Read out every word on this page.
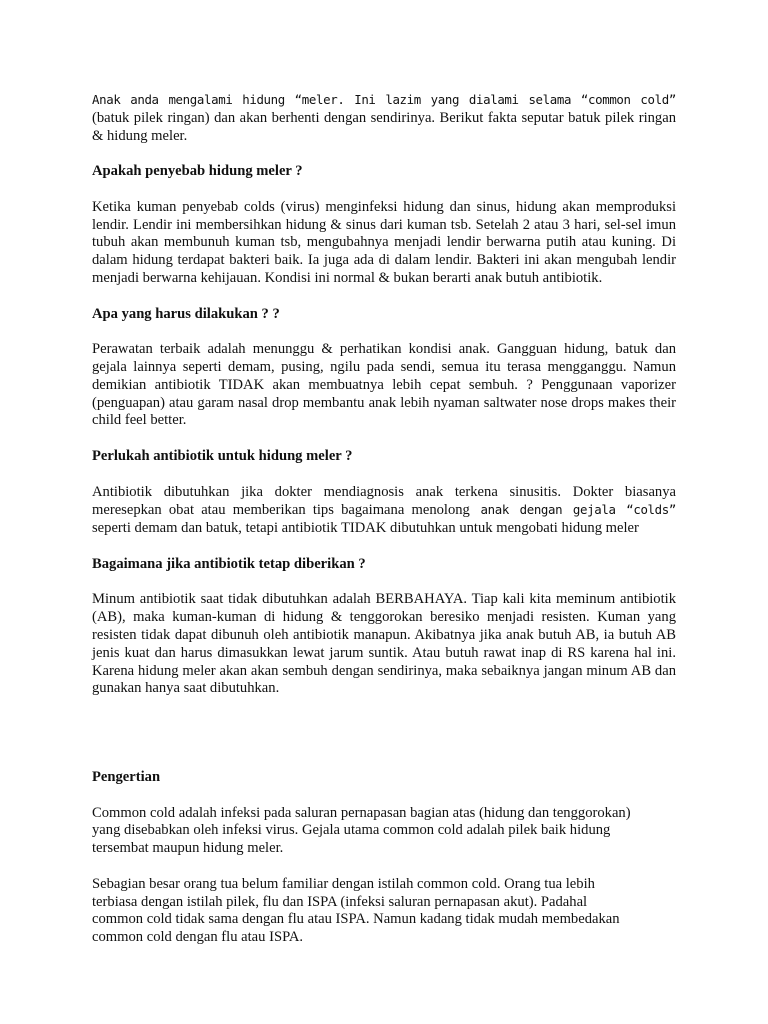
Anak anda mengalami hidung “meler. Ini lazim yang dialami selama “common cold” (batuk pilek ringan) dan akan berhenti dengan sendirinya. Berikut fakta seputar batuk pilek ringan & hidung meler.

Apakah penyebab hidung meler ?

Ketika kuman penyebab colds (virus) menginfeksi hidung dan sinus, hidung akan memproduksi lendir. Lendir ini membersihkan hidung & sinus dari kuman tsb. Setelah 2 atau 3 hari, sel-sel imun tubuh akan membunuh kuman tsb, mengubahnya menjadi lendir berwarna putih atau kuning. Di dalam hidung terdapat bakteri baik. Ia juga ada di dalam lendir. Bakteri ini akan mengubah lendir menjadi berwarna kehijauan. Kondisi ini normal & bukan berarti anak butuh antibiotik.

Apa yang harus dilakukan ? ?

Perawatan terbaik adalah menunggu & perhatikan kondisi anak. Gangguan hidung, batuk dan gejala lainnya seperti demam, pusing, ngilu pada sendi, semua itu terasa mengganggu. Namun demikian antibiotik TIDAK akan membuatnya lebih cepat sembuh. ? Penggunaan vaporizer (penguapan) atau garam nasal drop membantu anak lebih nyaman saltwater nose drops makes their child feel better.

Perlukah antibiotik untuk hidung meler ?

Antibiotik dibutuhkan jika dokter mendiagnosis anak terkena sinusitis. Dokter biasanya meresepkan obat atau memberikan tips bagaimana menolong anak dengan gejala “colds” seperti demam dan batuk, tetapi antibiotik TIDAK dibutuhkan untuk mengobati hidung meler

Bagaimana jika antibiotik tetap diberikan ?

Minum antibiotik saat tidak dibutuhkan adalah BERBAHAYA. Tiap kali kita meminum antibiotik (AB), maka kuman-kuman di hidung & tenggorokan beresiko menjadi resisten. Kuman yang resisten tidak dapat dibunuh oleh antibiotik manapun. Akibatnya jika anak butuh AB, ia butuh AB jenis kuat dan harus dimasukkan lewat jarum suntik. Atau butuh rawat inap di RS karena hal ini. Karena hidung meler akan akan sembuh dengan sendirinya, maka sebaiknya jangan minum AB dan gunakan hanya saat dibutuhkan.

Pengertian

Common cold adalah infeksi pada saluran pernapasan bagian atas (hidung dan tenggorokan)
yang disebabkan oleh infeksi virus. Gejala utama common cold adalah pilek baik hidung
tersembat maupun hidung meler.

Sebagian besar orang tua belum familiar dengan istilah common cold. Orang tua lebih
terbiasa dengan istilah pilek, flu dan ISPA (infeksi saluran pernapasan akut). Padahal
common cold tidak sama dengan flu atau ISPA. Namun kadang tidak mudah membedakan
common cold dengan flu atau ISPA.
